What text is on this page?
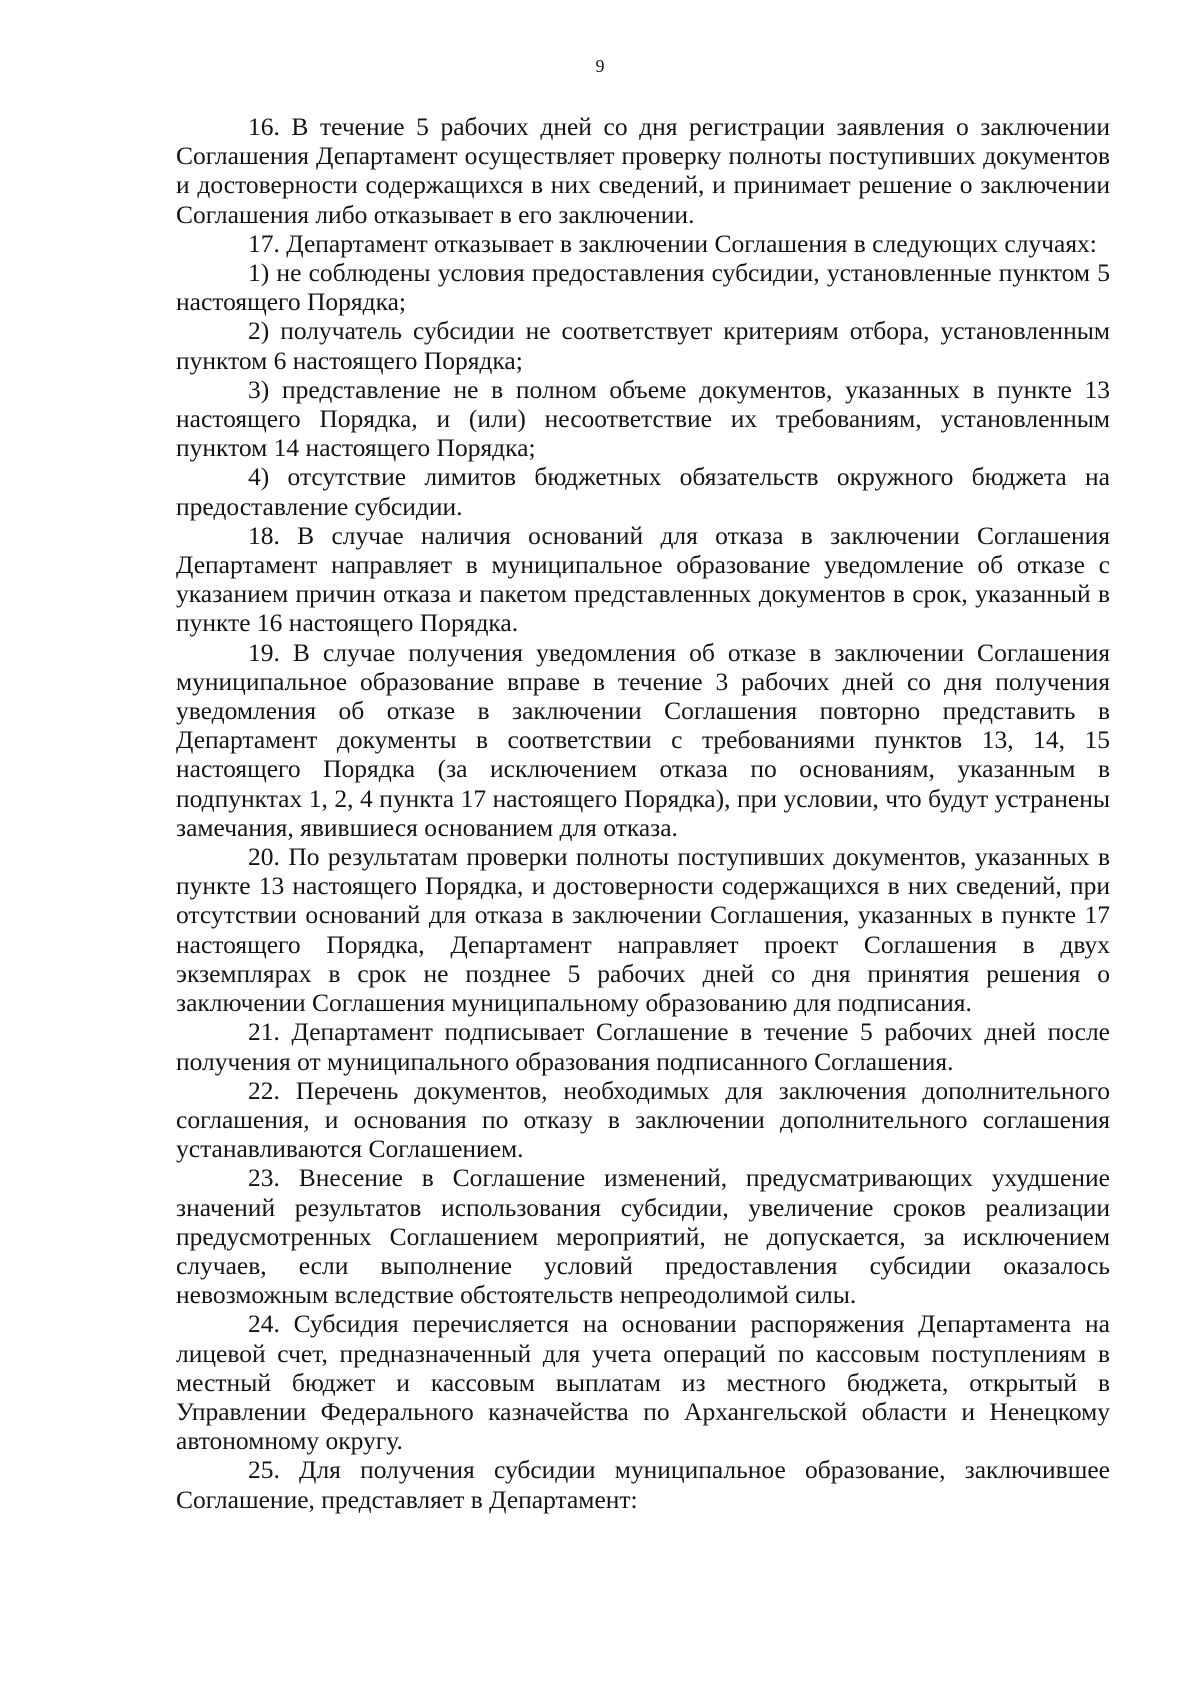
9

16. В течение 5 рабочих дней со дня регистрации заявления о заключении Соглашения Департамент осуществляет проверку полноты поступивших документов и достоверности содержащихся в них сведений, и принимает решение о заключении Соглашения либо отказывает в его заключении.

17. Департамент отказывает в заключении Соглашения в следующих случаях:

1) не соблюдены условия предоставления субсидии, установленные пунктом 5 настоящего Порядка;

2) получатель субсидии не соответствует критериям отбора, установленным пунктом 6 настоящего Порядка;

3) представление не в полном объеме документов, указанных в пункте 13 настоящего Порядка, и (или) несоответствие их требованиям, установленным пунктом 14 настоящего Порядка;

4) отсутствие лимитов бюджетных обязательств окружного бюджета на предоставление субсидии.

18. В случае наличия оснований для отказа в заключении Соглашения Департамент направляет в муниципальное образование уведомление об отказе с указанием причин отказа и пакетом представленных документов в срок, указанный в пункте 16 настоящего Порядка.

19. В случае получения уведомления об отказе в заключении Соглашения муниципальное образование вправе в течение 3 рабочих дней со дня получения уведомления об отказе в заключении Соглашения повторно представить в Департамент документы в соответствии с требованиями пунктов 13, 14, 15 настоящего Порядка (за исключением отказа по основаниям, указанным в подпунктах 1, 2, 4 пункта 17 настоящего Порядка), при условии, что будут устранены замечания, явившиеся основанием для отказа.

20. По результатам проверки полноты поступивших документов, указанных в пункте 13 настоящего Порядка, и достоверности содержащихся в них сведений, при отсутствии оснований для отказа в заключении Соглашения, указанных в пункте 17 настоящего Порядка, Департамент направляет проект Соглашения в двух экземплярах в срок не позднее 5 рабочих дней со дня принятия решения о заключении Соглашения муниципальному образованию для подписания.

21. Департамент подписывает Соглашение в течение 5 рабочих дней после получения от муниципального образования подписанного Соглашения.

22. Перечень документов, необходимых для заключения дополнительного соглашения, и основания по отказу в заключении дополнительного соглашения устанавливаются Соглашением.

23. Внесение в Соглашение изменений, предусматривающих ухудшение значений результатов использования субсидии, увеличение сроков реализации предусмотренных Соглашением мероприятий, не допускается, за исключением случаев, если выполнение условий предоставления субсидии оказалось невозможным вследствие обстоятельств непреодолимой силы.

24. Субсидия перечисляется на основании распоряжения Департамента на лицевой счет, предназначенный для учета операций по кассовым поступлениям в местный бюджет и кассовым выплатам из местного бюджета, открытый в Управлении Федерального казначейства по Архангельской области и Ненецкому автономному округу.

25. Для получения субсидии муниципальное образование, заключившее Соглашение, представляет в Департамент:
